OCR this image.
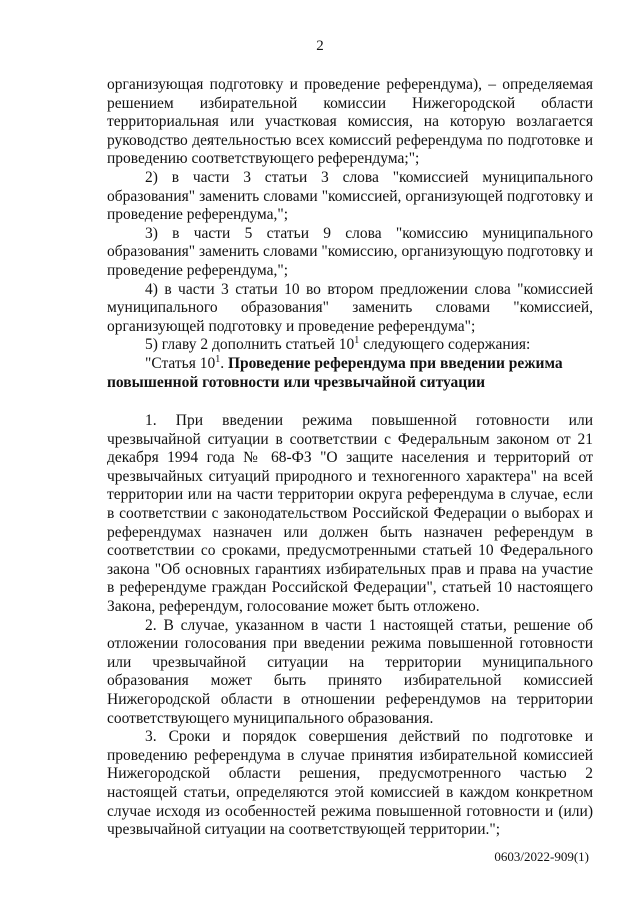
2

организующая подготовку и проведение референдума), – определяемая решением избирательной комиссии Нижегородской области территориальная или участковая комиссия, на которую возлагается руководство деятельностью всех комиссий референдума по подготовке и проведению соответствующего референдума;";

2) в части 3 статьи 3 слова "комиссией муниципального образования" заменить словами "комиссией, организующей подготовку и проведение референдума,";

3) в части 5 статьи 9 слова "комиссию муниципального образования" заменить словами "комиссию, организующую подготовку и проведение референдума,";

4) в части 3 статьи 10 во втором предложении слова "комиссией муниципального образования" заменить словами "комиссией, организующей подготовку и проведение референдума";

5) главу 2 дополнить статьей $10^1$ следующего содержания:

"Статья $10^1$. Проведение референдума при введении режима

повышенной готовности или чрезвычайной ситуации

1. При введении режима повышенной готовности или чрезвычайной ситуации в соответствии с Федеральным законом от 21 декабря 1994 года № 68-ФЗ "О защите населения и территорий от чрезвычайных ситуаций природного и техногенного характера" на всей территории или на части территории округа референдума в случае, если в соответствии с законодательством Российской Федерации о выборах и референдумах назначен или должен быть назначен референдум в соответствии со сроками, предусмотренными статьей 10 Федерального закона "Об основных гарантиях избирательных прав и права на участие в референдуме граждан Российской Федерации", статьей 10 настоящего Закона, референдум, голосование может быть отложено.

2. В случае, указанном в части 1 настоящей статьи, решение об отложении голосования при введении режима повышенной готовности или чрезвычайной ситуации на территории муниципального образования может быть принято избирательной комиссией Нижегородской области в отношении референдумов на территории соответствующего муниципального образования.

3. Сроки и порядок совершения действий по подготовке и проведению референдума в случае принятия избирательной комиссией Нижегородской области решения, предусмотренного частью 2 настоящей статьи, определяются этой комиссией в каждом конкретном случае исходя из особенностей режима повышенной готовности и (или) чрезвычайной ситуации на соответствующей территории.";

0603/2022-909(1)
